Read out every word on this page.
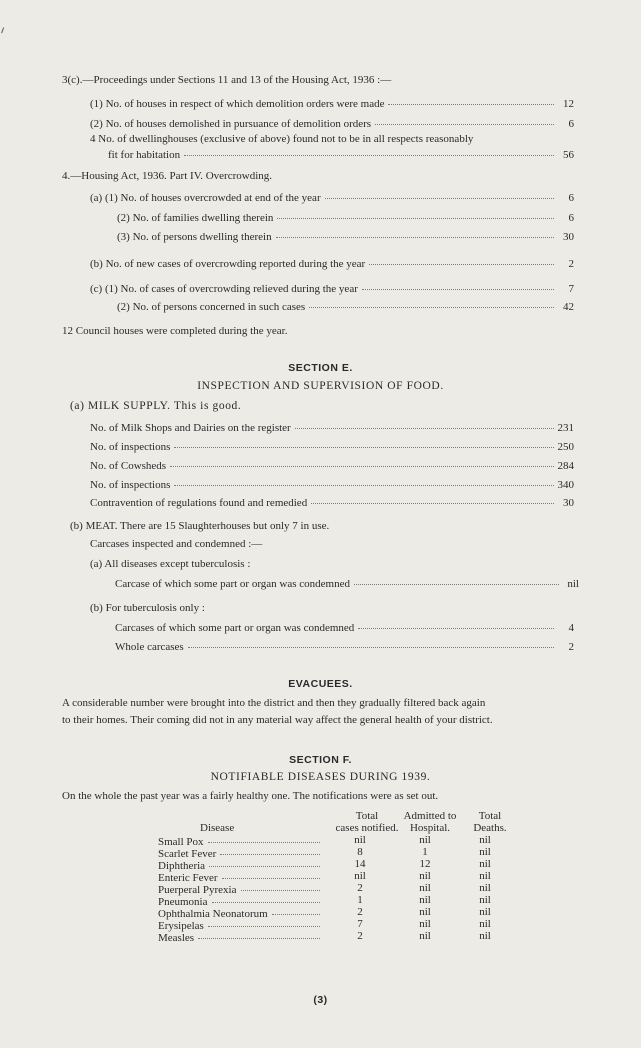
3(c).—Proceedings under Sections 11 and 13 of the Housing Act, 1936 :—
(1) No. of houses in respect of which demolition orders were made	12
(2) No. of houses demolished in pursuance of demolition orders	6
4 No. of dwellinghouses (exclusive of above) found not to be in all respects reasonably
fit for habitation	56
4.—Housing Act, 1936. Part IV. Overcrowding.
(a) (1) No. of houses overcrowded at end of the year	6
(2) No. of families dwelling therein	6
(3) No. of persons dwelling therein	30
(b) No. of new cases of overcrowding reported during the year	2
(c) (1) No. of cases of overcrowding relieved during the year	7
(2) No. of persons concerned in such cases	42
12 Council houses were completed during the year.
SECTION E.
INSPECTION AND SUPERVISION OF FOOD.
(a) MILK SUPPLY. This is good.
No. of Milk Shops and Dairies on the register	231
No. of inspections	250
No. of Cowsheds	284
No. of inspections	340
Contravention of regulations found and remedied	30
(b) MEAT. There are 15 Slaughterhouses but only 7 in use.
Carcases inspected and condemned :—
(a) All diseases except tuberculosis :
Carcase of which some part or organ was condemned	nil
(b) For tuberculosis only :
Carcases of which some part or organ was condemned	4
Whole carcases	2
EVACUEES.
A considerable number were brought into the district and then they gradually filtered back again
to their homes. Their coming did not in any material way affect the general health of your district.
SECTION F.
NOTIFIABLE DISEASES DURING 1939.
On the whole the past year was a fairly healthy one. The notifications were as set out.
Total	Admitted to	Total
Disease	cases notified.	Hospital.	Deaths.
Small Pox	nil	nil	nil
Scarlet Fever	8	1	nil
Diphtheria	14	12	nil
Enteric Fever	nil	nil	nil
Puerperal Pyrexia	2	nil	nil
Pneumonia	1	nil	nil
Ophthalmia Neonatorum	2	nil	nil
Erysipelas	7	nil	nil
Measles	2	nil	nil
(3)
